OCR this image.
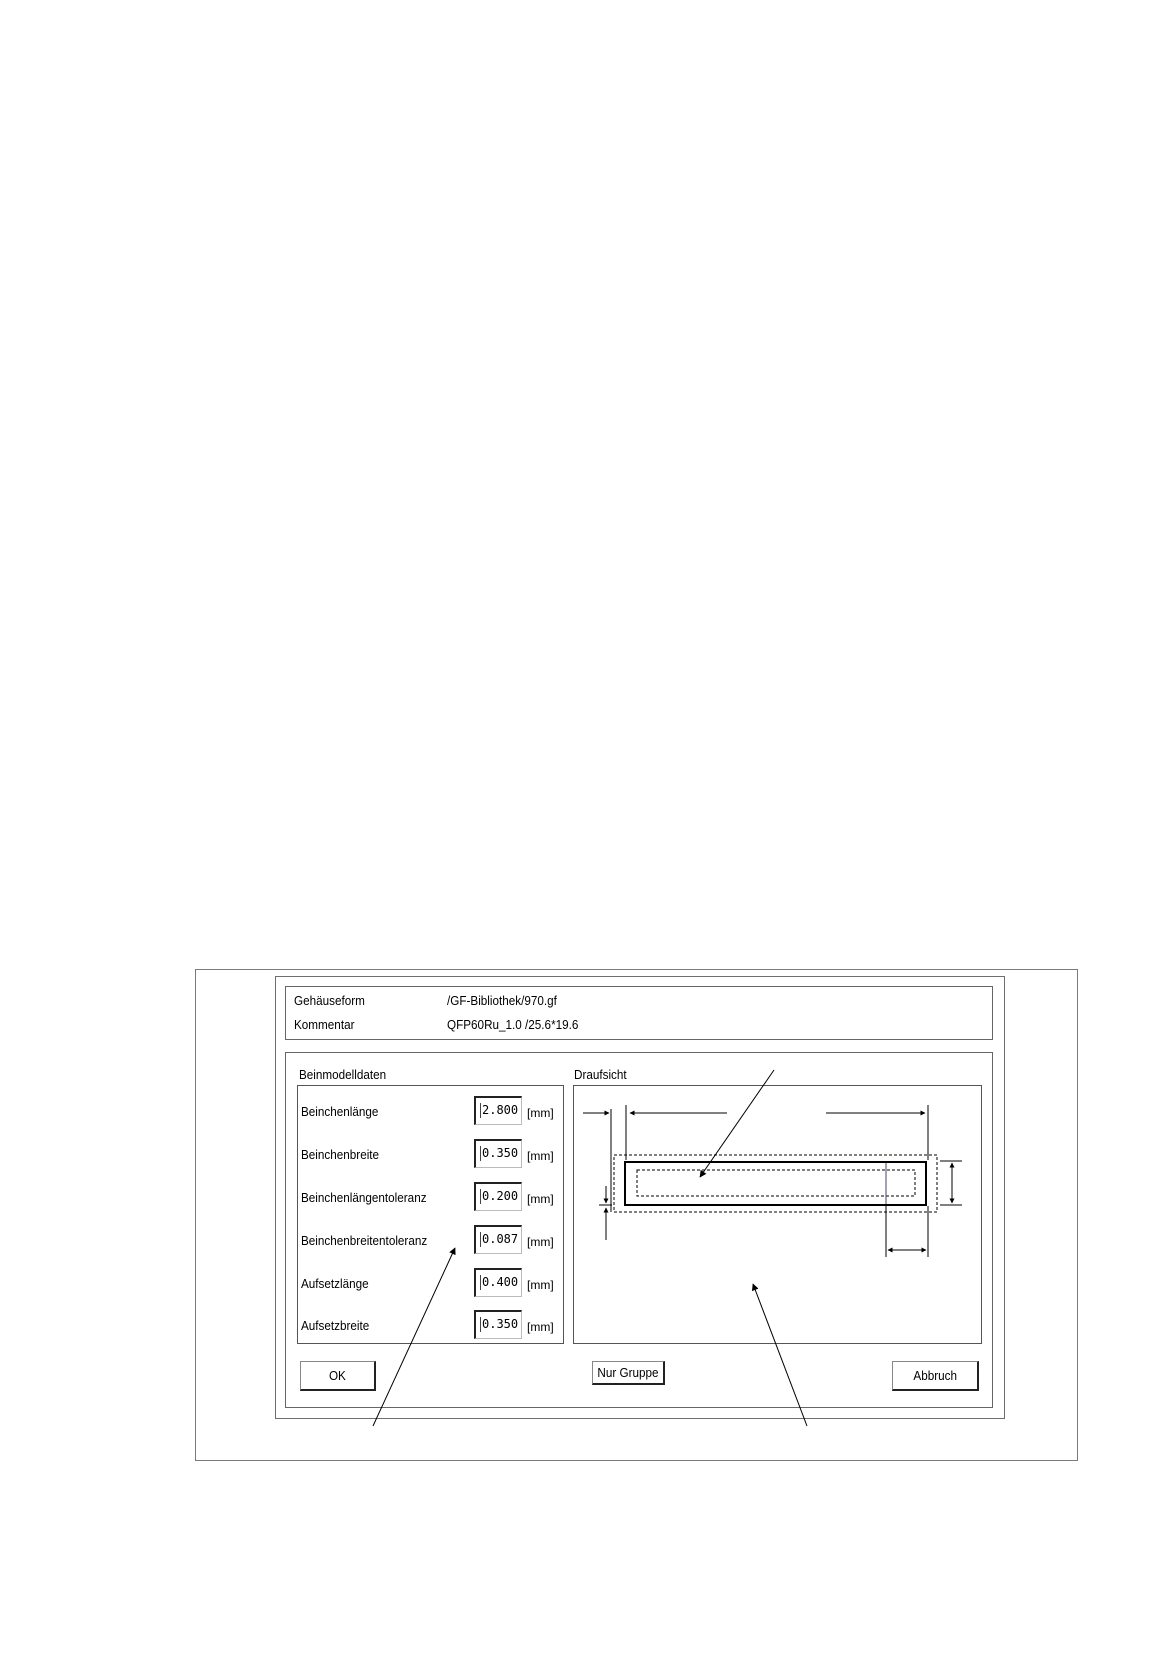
Gehäuseform	/GF-Bibliothek/970.gf
Kommentar	QFP60Ru_1.0 /25.6*19.6
Beinmodelldaten	Draufsicht
Beinchenlänge	2.800 [mm]
Beinchenbreite	0.350 [mm]
Beinchenlängentoleranz	0.200 [mm]
Beinchenbreitentoleranz	0.087 [mm]
Aufsetzlänge	0.400 [mm]
Aufsetzbreite	0.350 [mm]
OK	Nur Gruppe	Abbruch
